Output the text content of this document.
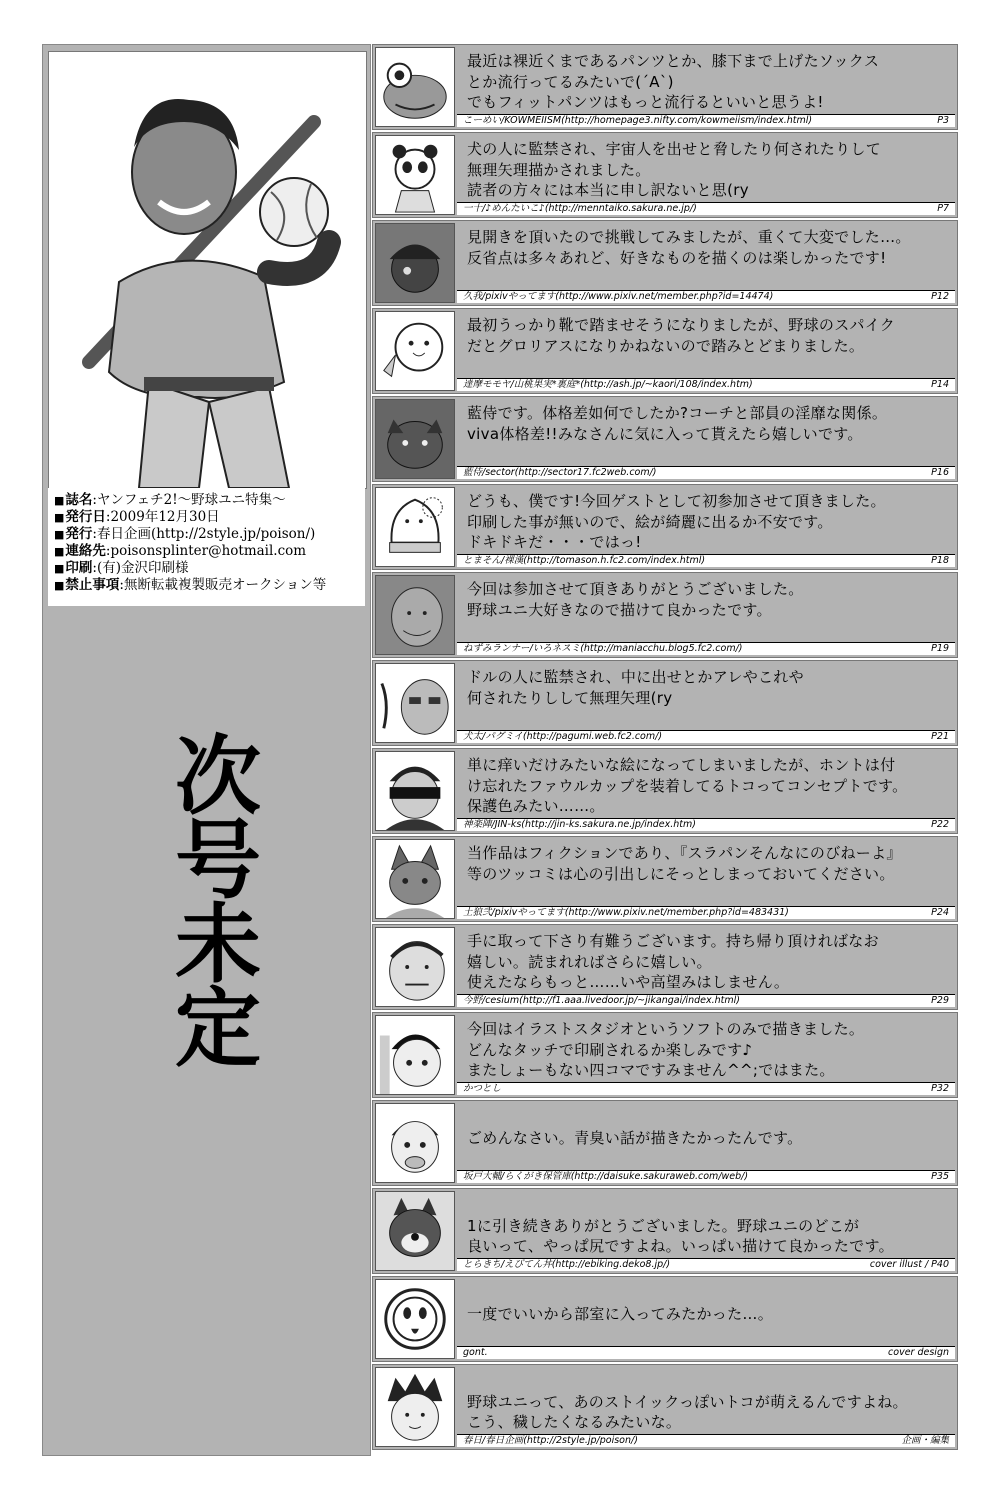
■誌名:ヤンフェチ2!〜野球ユニ特集〜
■発行日:2009年12月30日
■発行:春日企画(http://2style.jp/poison/)
■連絡先:poisonsplinter@hotmail.com
■印刷:(有)金沢印刷様
■禁止事項:無断転載複製販売オークション等
次
号
未
定
最近は裸近くまであるパンツとか、膝下まで上げたソックス
とか流行ってるみたいで(´A`)
でもフィットパンツはもっと流行るといいと思うよ!
こーめい/KOWMEIISM(http://homepage3.nifty.com/kowmeiism/index.html)	P3
犬の人に監禁され、宇宙人を出せと脅したり何されたりして
無理矢理描かされました。
読者の方々には本当に申し訳ないと思(ry
一十/♪めんたいこ♪(http://menntaiko.sakura.ne.jp/)	P7
見開きを頂いたので挑戦してみましたが、重くて大変でした…。
反省点は多々あれど、好きなものを描くのは楽しかったです!
久我/pixivやってます(http://www.pixiv.net/member.php?id=14474)	P12
最初うっかり靴で踏ませそうになりましたが、野球のスパイク
だとグロリアスになりかねないので踏みとどまりました。
達摩モモヤ/山桃果実*裏庭*(http://ash.jp/~kaori/108/index.htm)	P14
藍侍です。体格差如何でしたか?コーチと部員の淫靡な関係。
viva体格差!!みなさんに気に入って貰えたら嬉しいです。
藍侍/sector(http://sector17.fc2web.com/)	P16
どうも、僕です!今回ゲストとして初参加させて頂きました。
印刷した事が無いので、絵が綺麗に出るか不安です。
ドキドキだ・・・ではっ!
とまそん/裸漢(http://tomason.h.fc2.com/index.html)	P18
今回は参加させて頂きありがとうございました。
野球ユニ大好きなので描けて良かったです。
ねずみランナー/いろネスミ(http://maniacchu.blog5.fc2.com/)	P19
ドルの人に監禁され、中に出せとかアレやこれや
何されたりしして無理矢理(ry
犬太/パグミイ(http://pagumi.web.fc2.com/)	P21
単に痒いだけみたいな絵になってしまいましたが、ホントは付
け忘れたファウルカップを装着してるトコってコンセプトです。
保護色みたい……。
神楽陣/JIN-ks(http://jin-ks.sakura.ne.jp/index.htm)	P22
当作品はフィクションであり、『スラパンそんなにのびねーよ』
等のツッコミは心の引出しにそっとしまっておいてください。
土狼弐/pixivやってます(http://www.pixiv.net/member.php?id=483431)	P24
手に取って下さり有難うございます。持ち帰り頂ければなお
嬉しい。読まれればさらに嬉しい。
使えたならもっと……いや高望みはしません。
今野/cesium(http://f1.aaa.livedoor.jp/~jikangai/index.html)	P29
今回はイラストスタジオというソフトのみで描きました。
どんなタッチで印刷されるか楽しみです♪
またしょーもない四コマですみません^^;ではまた。
かつとし	P32

ごめんなさい。青臭い話が描きたかったんです。
坂戸大輔/らくがき保管庫(http://daisuke.sakuraweb.com/web/)	P35

1に引き続きありがとうございました。野球ユニのどこが
良いって、やっぱ尻ですよね。いっぱい描けて良かったです。
とらきち/えびてん丼(http://ebiking.deko8.jp/)	cover illust / P40

一度でいいから部室に入ってみたかった…。
gont.	cover design

野球ユニって、あのストイックっぽいトコが萌えるんですよね。
こう、穢したくなるみたいな。
春日/春日企画(http://2style.jp/poison/)	企画・編集
